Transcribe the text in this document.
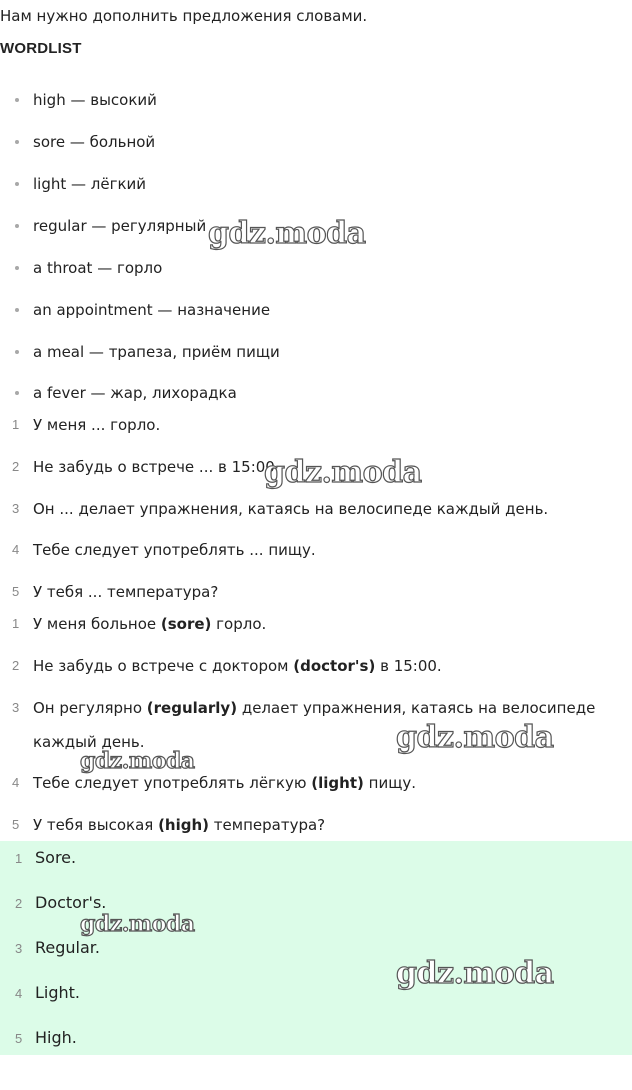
Нам нужно дополнить предложения словами.
WORDLIST
high — высокий
sore — больной
light — лёгкий
regular — регулярный
a throat — горло
an appointment — назначение
a meal — трапеза, приём пищи
a fever — жар, лихорадка
1 У меня ... горло.
2 Не забудь о встрече ... в 15:00.
3 Он ... делает упражнения, катаясь на велосипеде каждый день.
4 Тебе следует употреблять ... пищу.
5 У тебя ... температура?
1 У меня больное (sore) горло.
2 Не забудь о встрече с доктором (doctor's) в 15:00.
3 Он регулярно (regularly) делает упражнения, катаясь на велосипеде
каждый день.
4 Тебе следует употреблять лёгкую (light) пищу.
5 У тебя высокая (high) температура?
1 Sore.
2 Doctor's.
3 Regular.
4 Light.
5 High.
gdz.moda
gdz.moda
gdz.moda
gdz.moda
gdz.moda
gdz.moda
